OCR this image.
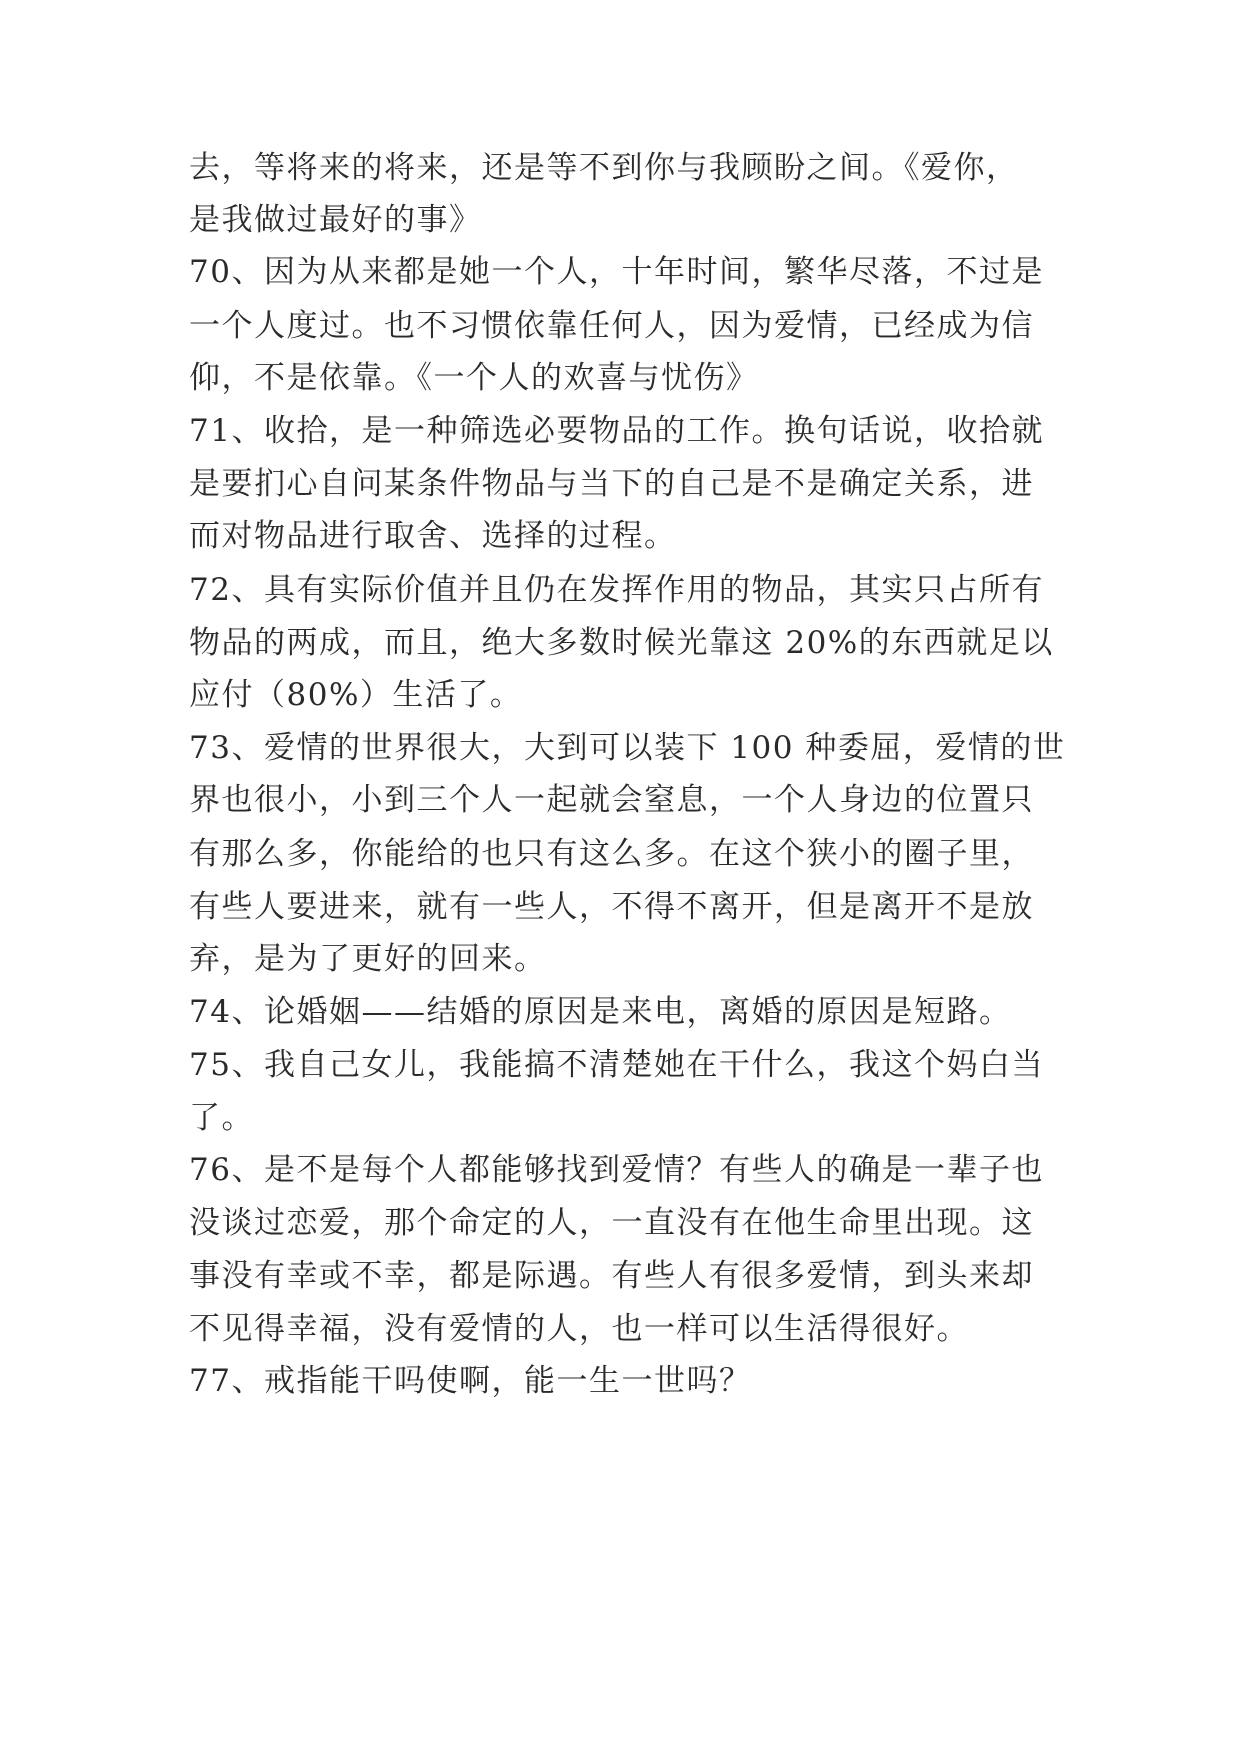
去，等将来的将来，还是等不到你与我顾盼之间。《爱你，
是我做过最好的事》
70、因为从来都是她一个人，十年时间，繁华尽落，不过是
一个人度过。也不习惯依靠任何人，因为爱情，已经成为信
仰，不是依靠。《一个人的欢喜与忧伤》
71、收拾，是一种筛选必要物品的工作。换句话说，收拾就
是要扪心自问某条件物品与当下的自己是不是确定关系，进
而对物品进行取舍、选择的过程。
72、具有实际价值并且仍在发挥作用的物品，其实只占所有
物品的两成，而且，绝大多数时候光靠这 20%的东西就足以
应付（80%）生活了。
73、爱情的世界很大，大到可以装下 100 种委屈，爱情的世
界也很小，小到三个人一起就会窒息，一个人身边的位置只
有那么多，你能给的也只有这么多。在这个狭小的圈子里，
有些人要进来，就有一些人，不得不离开，但是离开不是放
弃，是为了更好的回来。
74、论婚姻——结婚的原因是来电，离婚的原因是短路。
75、我自己女儿，我能搞不清楚她在干什么，我这个妈白当
了。
76、是不是每个人都能够找到爱情？有些人的确是一辈子也
没谈过恋爱，那个命定的人，一直没有在他生命里出现。这
事没有幸或不幸，都是际遇。有些人有很多爱情，到头来却
不见得幸福，没有爱情的人，也一样可以生活得很好。
77、戒指能干吗使啊，能一生一世吗？
